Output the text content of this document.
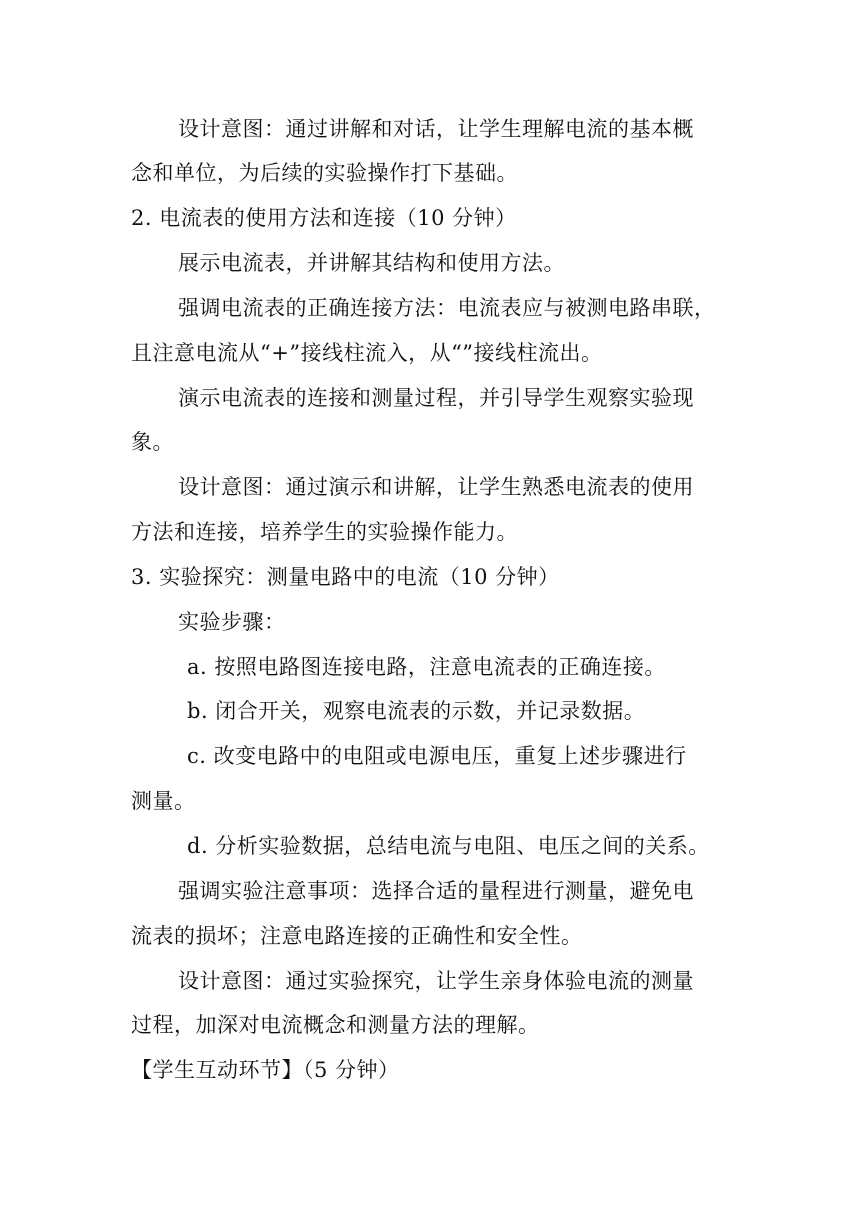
设计意图：通过讲解和对话，让学生理解电流的基本概
念和单位，为后续的实验操作打下基础。
2. 电流表的使用方法和连接（10 分钟）
展示电流表，并讲解其结构和使用方法。
强调电流表的正确连接方法：电流表应与被测电路串联，
且注意电流从“+”接线柱流入，从“”接线柱流出。
演示电流表的连接和测量过程，并引导学生观察实验现
象。
设计意图：通过演示和讲解，让学生熟悉电流表的使用
方法和连接，培养学生的实验操作能力。
3. 实验探究：测量电路中的电流（10 分钟）
实验步骤：
a. 按照电路图连接电路，注意电流表的正确连接。
b. 闭合开关，观察电流表的示数，并记录数据。
c. 改变电路中的电阻或电源电压，重复上述步骤进行
测量。
d. 分析实验数据，总结电流与电阻、电压之间的关系。
强调实验注意事项：选择合适的量程进行测量，避免电
流表的损坏；注意电路连接的正确性和安全性。
设计意图：通过实验探究，让学生亲身体验电流的测量
过程，加深对电流概念和测量方法的理解。
【学生互动环节】（5 分钟）
